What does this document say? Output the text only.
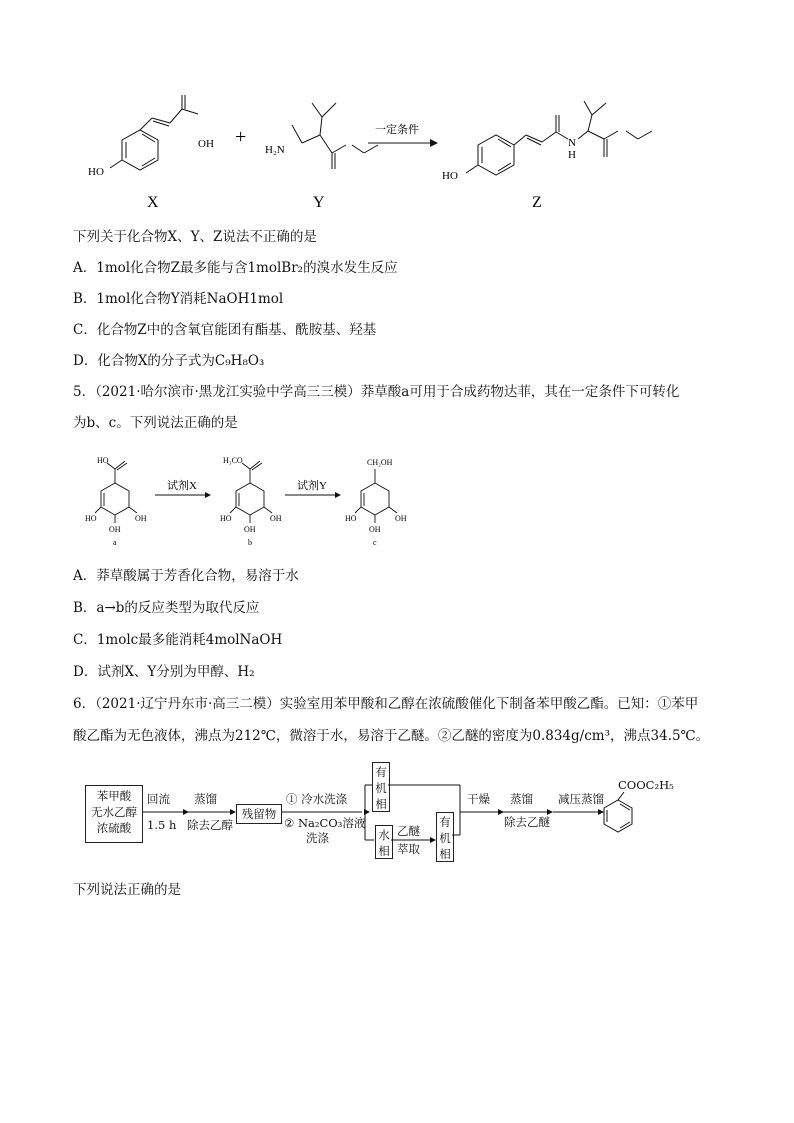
HO
OH +
H₂N
一定条件
HO
N
H
X	Y	Z
下列关于化合物X、Y、Z说法不正确的是
A．1mol化合物Z最多能与含1molBr₂的溴水发生反应
B．1mol化合物Y消耗NaOH1mol
C．化合物Z中的含氧官能团有酯基、酰胺基、羟基
D．化合物X的分子式为C₉H₈O₃
5．（2021·哈尔滨市·黑龙江实验中学高三三模）莽草酸a可用于合成药物达菲，其在一定条件下可转化
为b、c。下列说法正确的是
试剂X	试剂Y
HO
HO
OH
OH
a
H₃CO
HO
OH
OH
b
CH₂OH
HO
OH
OH
c
A．莽草酸属于芳香化合物，易溶于水
B．a→b的反应类型为取代反应
C．1molc最多能消耗4molNaOH
D．试剂X、Y分别为甲醇、H₂
6．（2021·辽宁丹东市·高三二模）实验室用苯甲酸和乙醇在浓硫酸催化下制备苯甲酸乙酯。已知：①苯甲
酸乙酯为无色液体，沸点为212℃，微溶于水，易溶于乙醚。②乙醚的密度为0.834g/cm³，沸点34.5℃。
苯甲酸
无水乙醇
浓硫酸
回流
1.5 h
蒸馏
除去乙醇
残留物
① 冷水洗涤
② Na₂CO₃溶液
洗涤
有机相
水相
乙醚
萃取
有机相
干燥 蒸馏
除去乙醚
减压蒸馏
COOC₂H₅
下列说法正确的是
